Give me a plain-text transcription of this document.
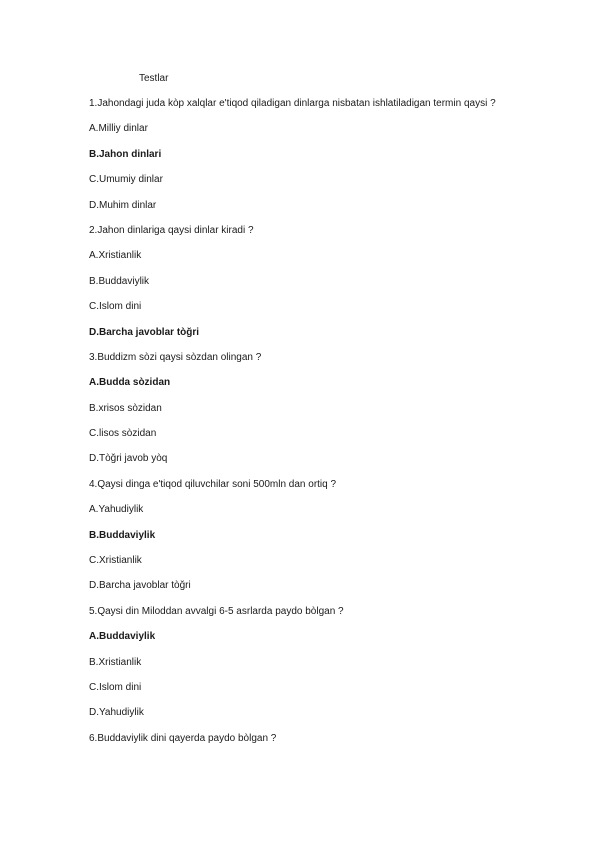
Testlar
1.Jahondagi juda kòp xalqlar e'tiqod qiladigan dinlarga nisbatan ishlatiladigan termin qaysi ?
A.Milliy dinlar
B.Jahon dinlari
C.Umumiy dinlar
D.Muhim dinlar
2.Jahon dinlariga qaysi dinlar kiradi ?
A.Xristianlik
B.Buddaviylik
C.Islom dini
D.Barcha javoblar tòğri
3.Buddizm sòzi qaysi sòzdan olingan ?
A.Budda sòzidan
B.xrisos sòzidan
C.lisos sòzidan
D.Tòğri javob yòq
4.Qaysi dinga e'tiqod qiluvchilar soni 500mln dan ortiq ?
A.Yahudiylik
B.Buddaviylik
C.Xristianlik
D.Barcha javoblar tòğri
5.Qaysi din Miloddan avvalgi 6-5 asrlarda paydo bòlgan ?
A.Buddaviylik
B.Xristianlik
C.Islom dini
D.Yahudiylik
6.Buddaviylik dini qayerda paydo bòlgan ?
